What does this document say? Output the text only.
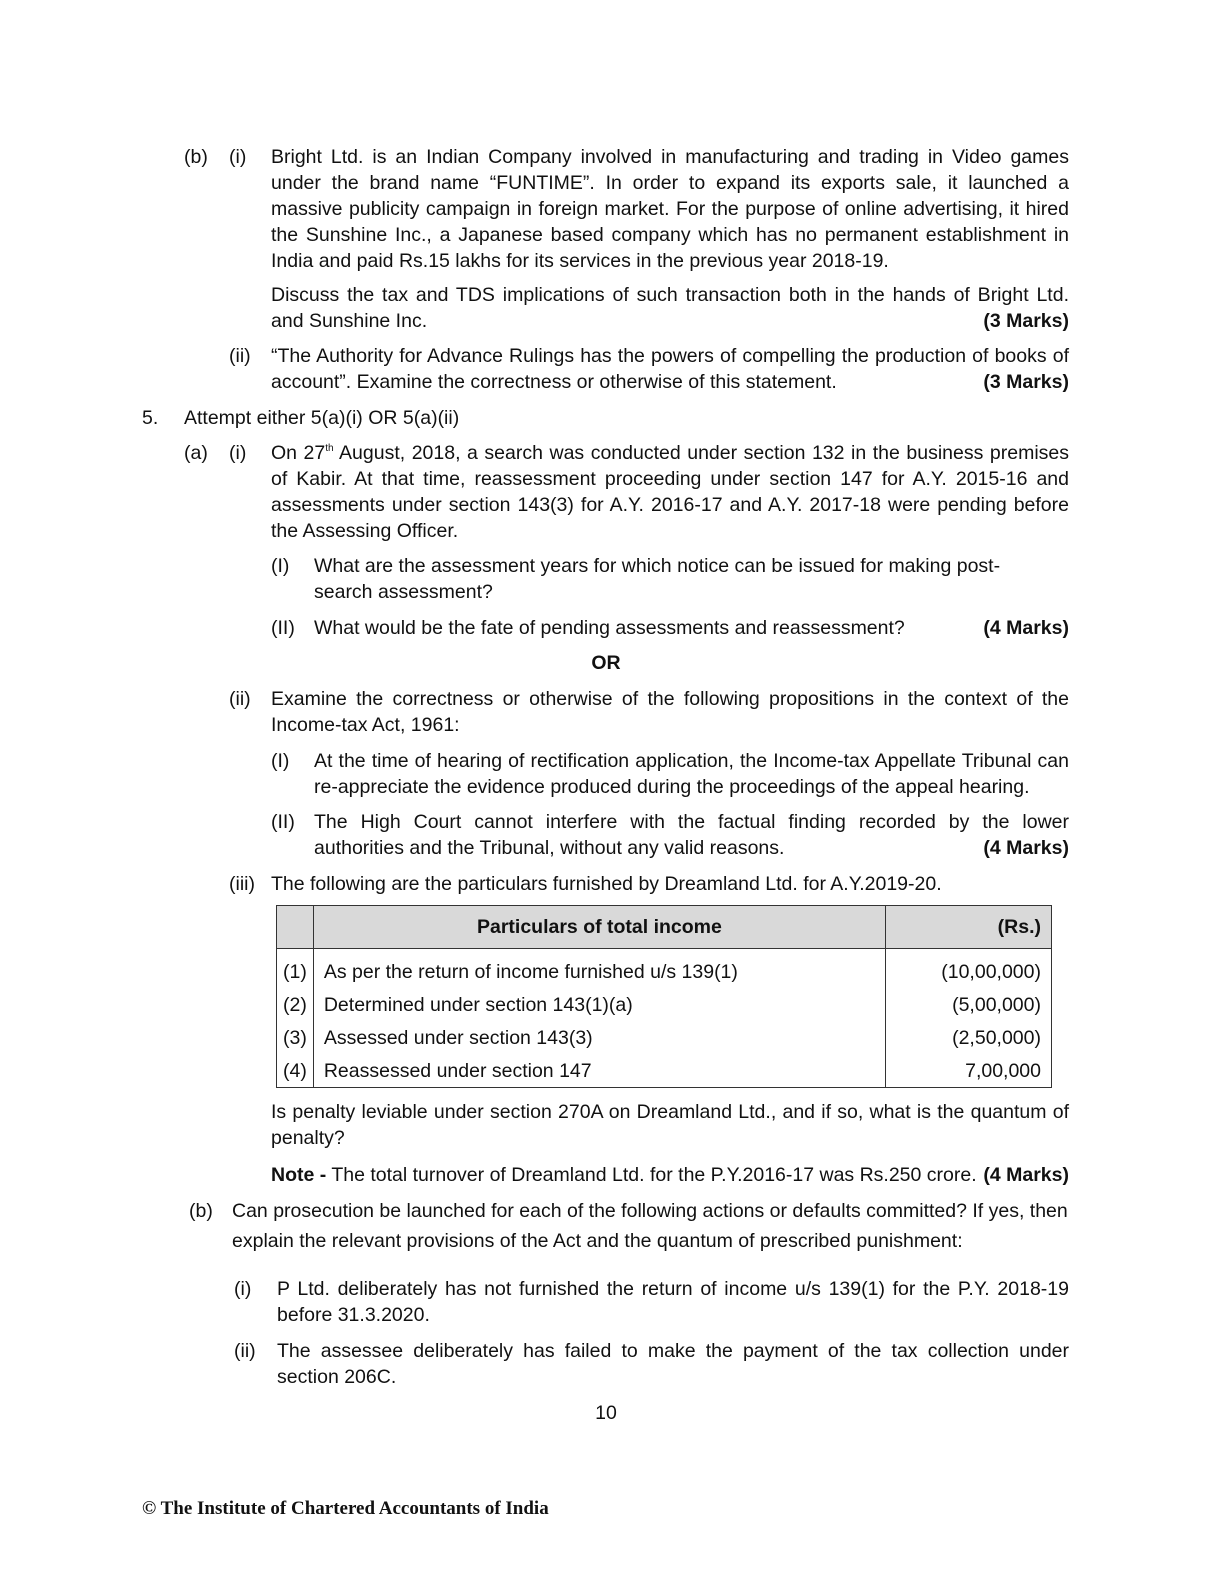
(b) (i) Bright Ltd. is an Indian Company involved in manufacturing and trading in Video games under the brand name “FUNTIME”. In order to expand its exports sale, it launched a massive publicity campaign in foreign market. For the purpose of online advertising, it hired the Sunshine Inc., a Japanese based company which has no permanent establishment in India and paid Rs.15 lakhs for its services in the previous year 2018-19.
Discuss the tax and TDS implications of such transaction both in the hands of Bright Ltd. and Sunshine Inc.	(3 Marks)
(ii) “The Authority for Advance Rulings has the powers of compelling the production of books of account”. Examine the correctness or otherwise of this statement.	(3 Marks)
5. Attempt either 5(a)(i) OR 5(a)(ii)
(a) (i) On 27th August, 2018, a search was conducted under section 132 in the business premises of Kabir. At that time, reassessment proceeding under section 147 for A.Y. 2015-16 and assessments under section 143(3) for A.Y. 2016-17 and A.Y. 2017-18 were pending before the Assessing Officer.
(I) What are the assessment years for which notice can be issued for making post-search assessment?
(II) What would be the fate of pending assessments and reassessment?	(4 Marks)
OR
(ii) Examine the correctness or otherwise of the following propositions in the context of the Income-tax Act, 1961:
(I) At the time of hearing of rectification application, the Income-tax Appellate Tribunal can re-appreciate the evidence produced during the proceedings of the appeal hearing.
(II) The High Court cannot interfere with the factual finding recorded by the lower authorities and the Tribunal, without any valid reasons.	(4 Marks)
(iii) The following are the particulars furnished by Dreamland Ltd. for A.Y.2019-20.
	Particulars of total income	(Rs.)
(1)	As per the return of income furnished u/s 139(1)	(10,00,000)
(2)	Determined under section 143(1)(a)	(5,00,000)
(3)	Assessed under section 143(3)	(2,50,000)
(4)	Reassessed under section 147	7,00,000
Is penalty leviable under section 270A on Dreamland Ltd., and if so, what is the quantum of penalty?
Note - The total turnover of Dreamland Ltd. for the P.Y.2016-17 was Rs.250 crore. (4 Marks)
(b) Can prosecution be launched for each of the following actions or defaults committed? If yes, then
explain the relevant provisions of the Act and the quantum of prescribed punishment:
(i) P Ltd. deliberately has not furnished the return of income u/s 139(1) for the P.Y. 2018-19 before 31.3.2020.
(ii) The assessee deliberately has failed to make the payment of the tax collection under section 206C.
10
© The Institute of Chartered Accountants of India
